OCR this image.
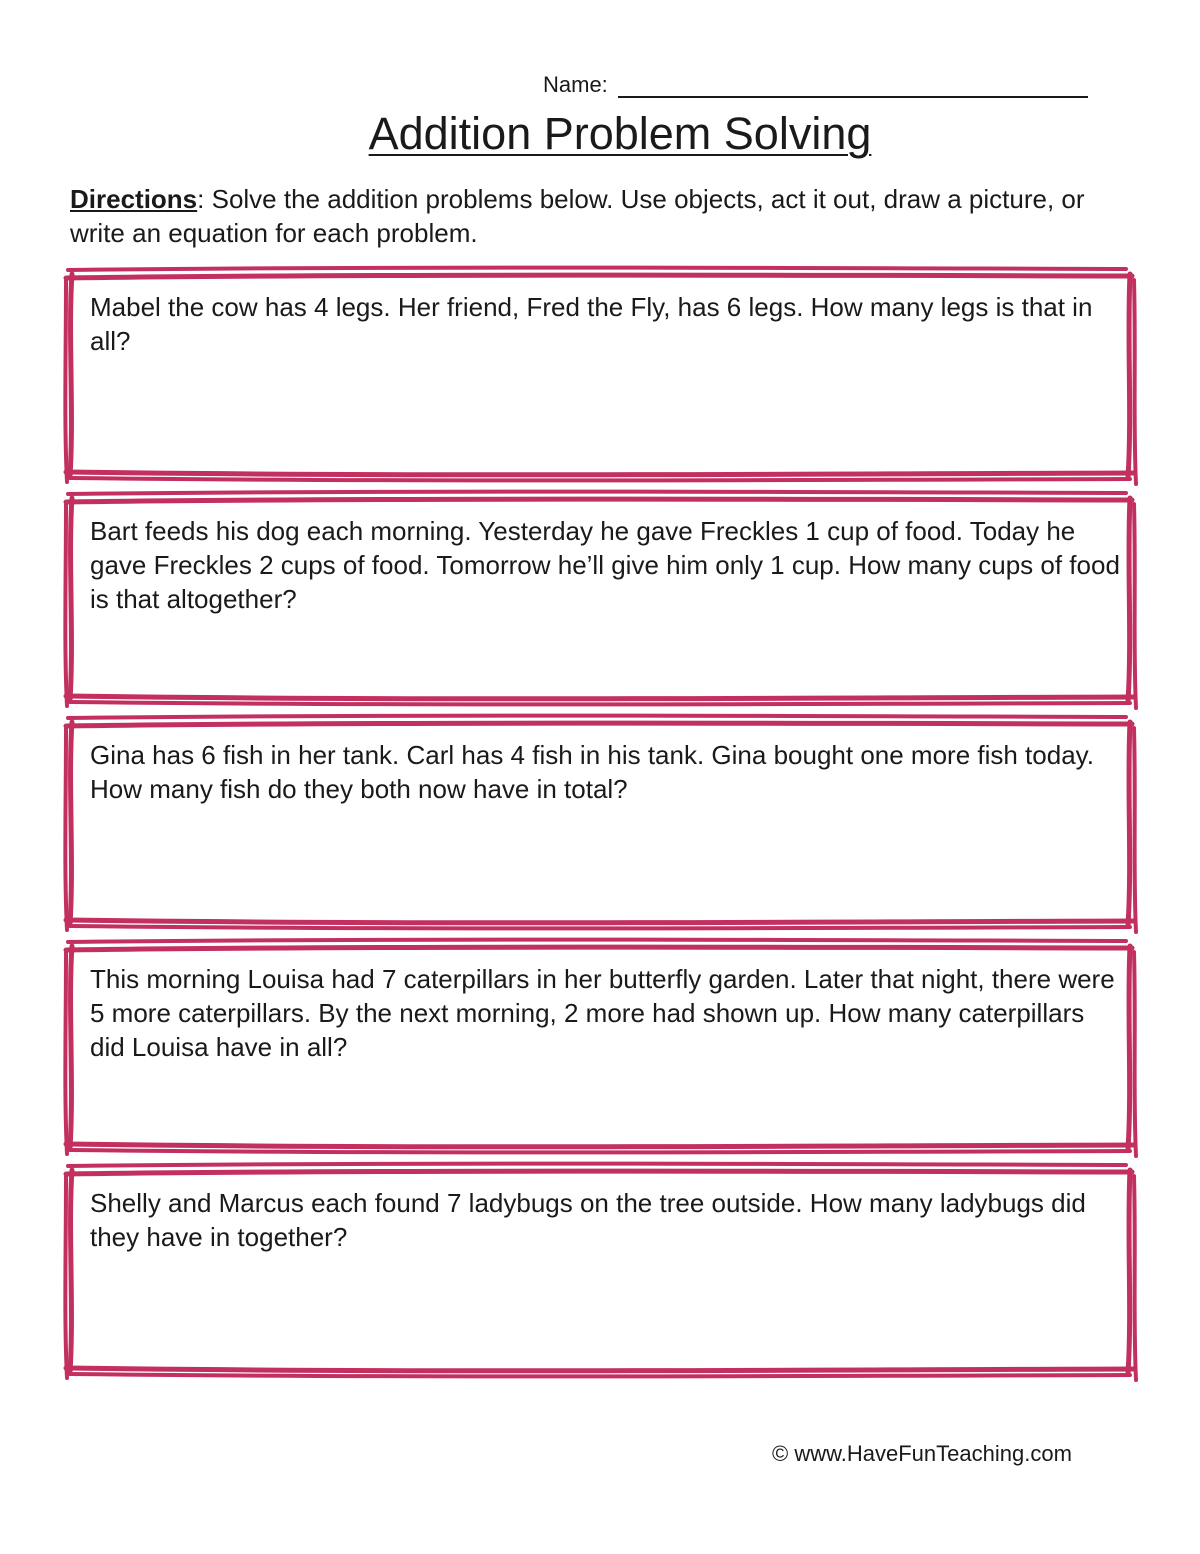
Name:
Addition Problem Solving

Directions: Solve the addition problems below. Use objects, act it out, draw a picture, or write an equation for each problem.

Mabel the cow has 4 legs. Her friend, Fred the Fly, has 6 legs. How many legs is that in all?

Bart feeds his dog each morning. Yesterday he gave Freckles 1 cup of food. Today he gave Freckles 2 cups of food. Tomorrow he’ll give him only 1 cup. How many cups of food is that altogether?

Gina has 6 fish in her tank. Carl has 4 fish in his tank. Gina bought one more fish today. How many fish do they both now have in total?

This morning Louisa had 7 caterpillars in her butterfly garden. Later that night, there were 5 more caterpillars. By the next morning, 2 more had shown up. How many caterpillars did Louisa have in all?

Shelly and Marcus each found 7 ladybugs on the tree outside. How many ladybugs did they have in together?

© www.HaveFunTeaching.com
